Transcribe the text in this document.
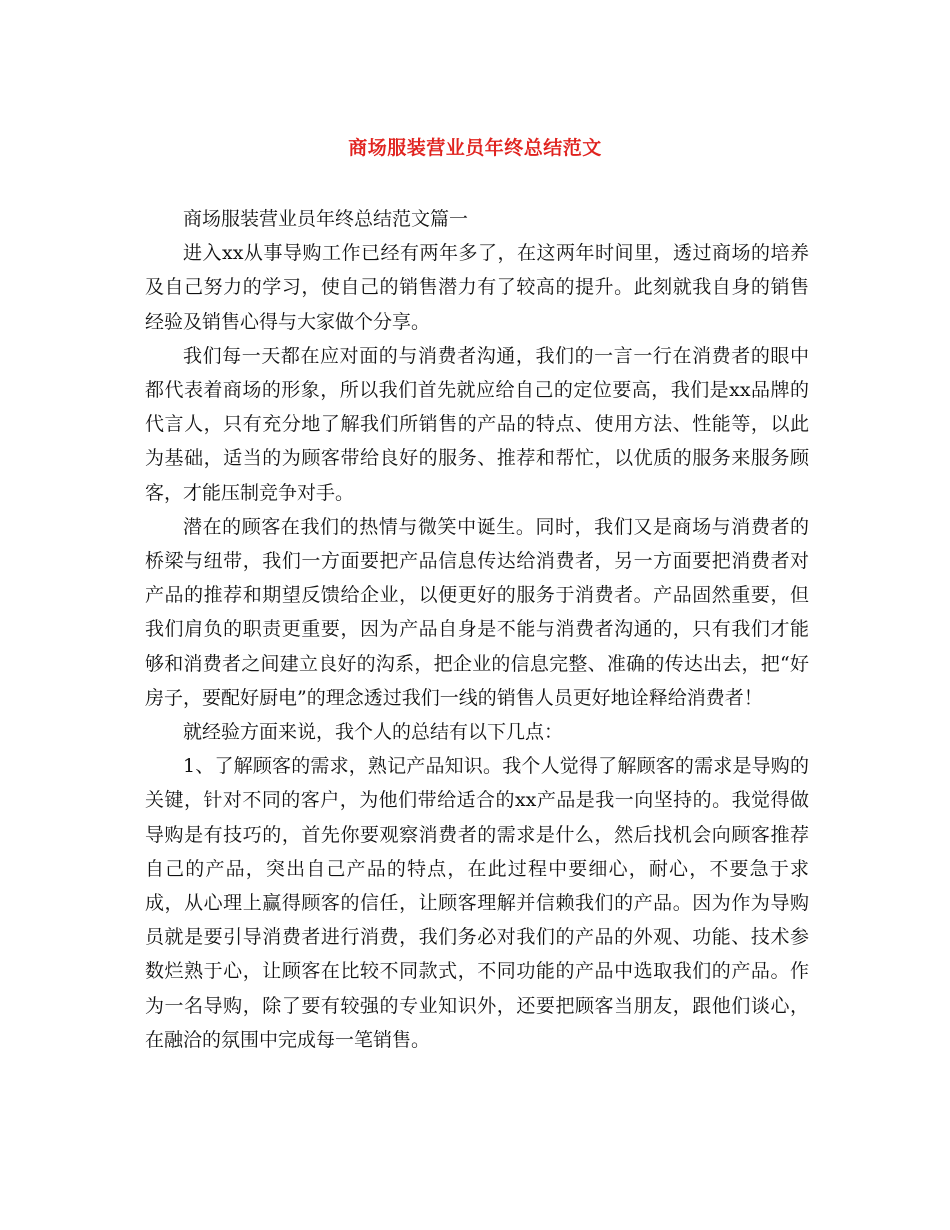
商场服装营业员年终总结范文

商场服装营业员年终总结范文篇一

进入xx从事导购工作已经有两年多了，在这两年时间里，透过商场的培养及自己努力的学习，使自己的销售潜力有了较高的提升。此刻就我自身的销售经验及销售心得与大家做个分享。

我们每一天都在应对面的与消费者沟通，我们的一言一行在消费者的眼中都代表着商场的形象，所以我们首先就应给自己的定位要高，我们是xx品牌的代言人，只有充分地了解我们所销售的产品的特点、使用方法、性能等，以此为基础，适当的为顾客带给良好的服务、推荐和帮忙，以优质的服务来服务顾客，才能压制竞争对手。

潜在的顾客在我们的热情与微笑中诞生。同时，我们又是商场与消费者的桥梁与纽带，我们一方面要把产品信息传达给消费者，另一方面要把消费者对产品的推荐和期望反馈给企业，以便更好的服务于消费者。产品固然重要，但我们肩负的职责更重要，因为产品自身是不能与消费者沟通的，只有我们才能够和消费者之间建立良好的沟系，把企业的信息完整、准确的传达出去，把“好房子，要配好厨电”的理念透过我们一线的销售人员更好地诠释给消费者！

就经验方面来说，我个人的总结有以下几点：

1、了解顾客的需求，熟记产品知识。我个人觉得了解顾客的需求是导购的关键，针对不同的客户，为他们带给适合的xx产品是我一向坚持的。我觉得做导购是有技巧的，首先你要观察消费者的需求是什么，然后找机会向顾客推荐自己的产品，突出自己产品的特点，在此过程中要细心，耐心，不要急于求成，从心理上赢得顾客的信任，让顾客理解并信赖我们的产品。因为作为导购员就是要引导消费者进行消费，我们务必对我们的产品的外观、功能、技术参数烂熟于心，让顾客在比较不同款式，不同功能的产品中选取我们的产品。作为一名导购，除了要有较强的专业知识外，还要把顾客当朋友，跟他们谈心，在融洽的氛围中完成每一笔销售。
